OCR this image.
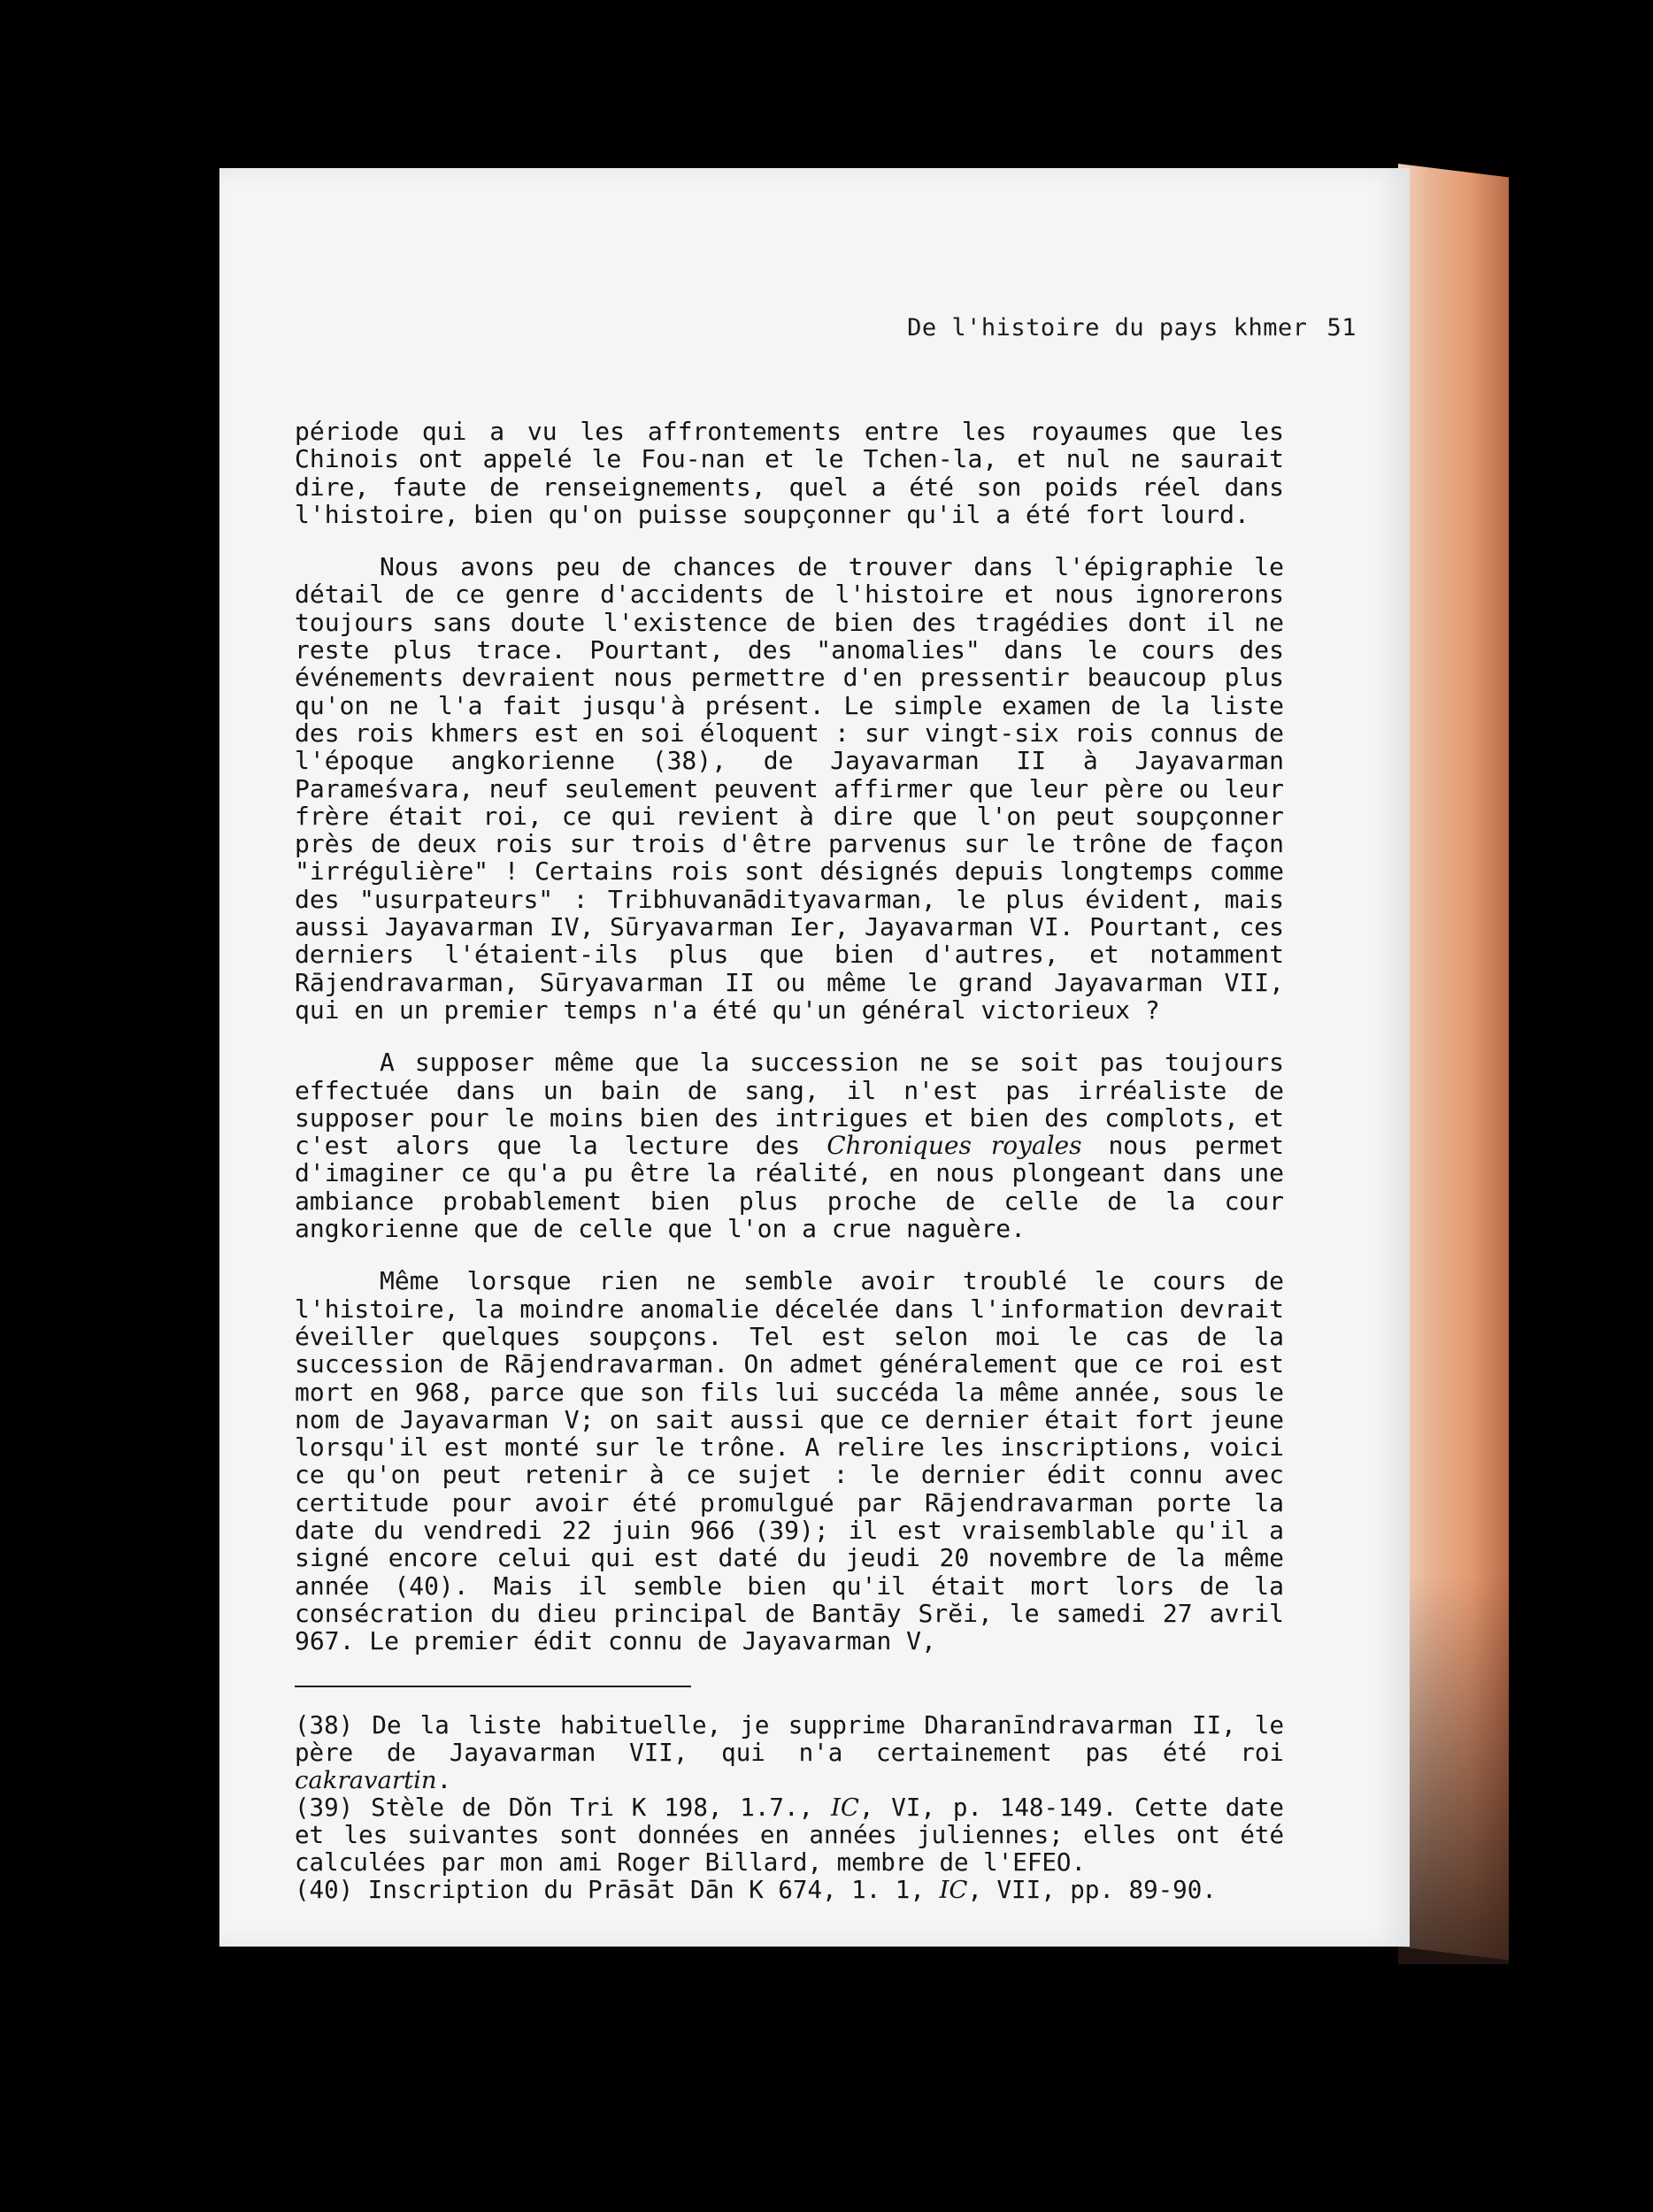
De l'histoire du pays khmer 51

période qui a vu les affrontements entre les royaumes que les Chinois ont appelé le Fou-nan et le Tchen-la, et nul ne saurait dire, faute de renseignements, quel a été son poids réel dans l'histoire, bien qu'on puisse soupçonner qu'il a été fort lourd.

Nous avons peu de chances de trouver dans l'épigraphie le détail de ce genre d'accidents de l'histoire et nous ignorerons toujours sans doute l'existence de bien des tragédies dont il ne reste plus trace. Pourtant, des "anomalies" dans le cours des événements devraient nous permettre d'en pressentir beaucoup plus qu'on ne l'a fait jusqu'à présent. Le simple examen de la liste des rois khmers est en soi éloquent : sur vingt-six rois connus de l'époque angkorienne (38), de Jayavarman II à Jayavarman Parameśvara, neuf seulement peuvent affirmer que leur père ou leur frère était roi, ce qui revient à dire que l'on peut soupçonner près de deux rois sur trois d'être parvenus sur le trône de façon "irrégulière" ! Certains rois sont désignés depuis longtemps comme des "usurpateurs" : Tribhuvanādityavarman, le plus évident, mais aussi Jayavarman IV, Sūryavarman Ier, Jayavarman VI. Pourtant, ces derniers l'étaient-ils plus que bien d'autres, et notamment Rājendravarman, Sūryavarman II ou même le grand Jayavarman VII, qui en un premier temps n'a été qu'un général victorieux ?

A supposer même que la succession ne se soit pas toujours effectuée dans un bain de sang, il n'est pas irréaliste de supposer pour le moins bien des intrigues et bien des complots, et c'est alors que la lecture des Chroniques royales nous permet d'imaginer ce qu'a pu être la réalité, en nous plongeant dans une ambiance probablement bien plus proche de celle de la cour angkorienne que de celle que l'on a crue naguère.

Même lorsque rien ne semble avoir troublé le cours de l'histoire, la moindre anomalie décelée dans l'information devrait éveiller quelques soupçons. Tel est selon moi le cas de la succession de Rājendravarman. On admet généralement que ce roi est mort en 968, parce que son fils lui succéda la même année, sous le nom de Jayavarman V; on sait aussi que ce dernier était fort jeune lorsqu'il est monté sur le trône. A relire les inscriptions, voici ce qu'on peut retenir à ce sujet : le dernier édit connu avec certitude pour avoir été promulgué par Rājendravarman porte la date du vendredi 22 juin 966 (39); il est vraisemblable qu'il a signé encore celui qui est daté du jeudi 20 novembre de la même année (40). Mais il semble bien qu'il était mort lors de la consécration du dieu principal de Bantāy Srĕi, le samedi 27 avril 967. Le premier édit connu de Jayavarman V,

(38) De la liste habituelle, je supprime Dharanīndravarman II, le père de Jayavarman VII, qui n'a certainement pas été roi cakravartin.

(39) Stèle de Dŏn Tri K 198, 1.7., IC, VI, p. 148-149. Cette date et les suivantes sont données en années juliennes; elles ont été calculées par mon ami Roger Billard, membre de l'EFEO.

(40) Inscription du Prāsāt Dān K 674, 1. 1, IC, VII, pp. 89-90.
